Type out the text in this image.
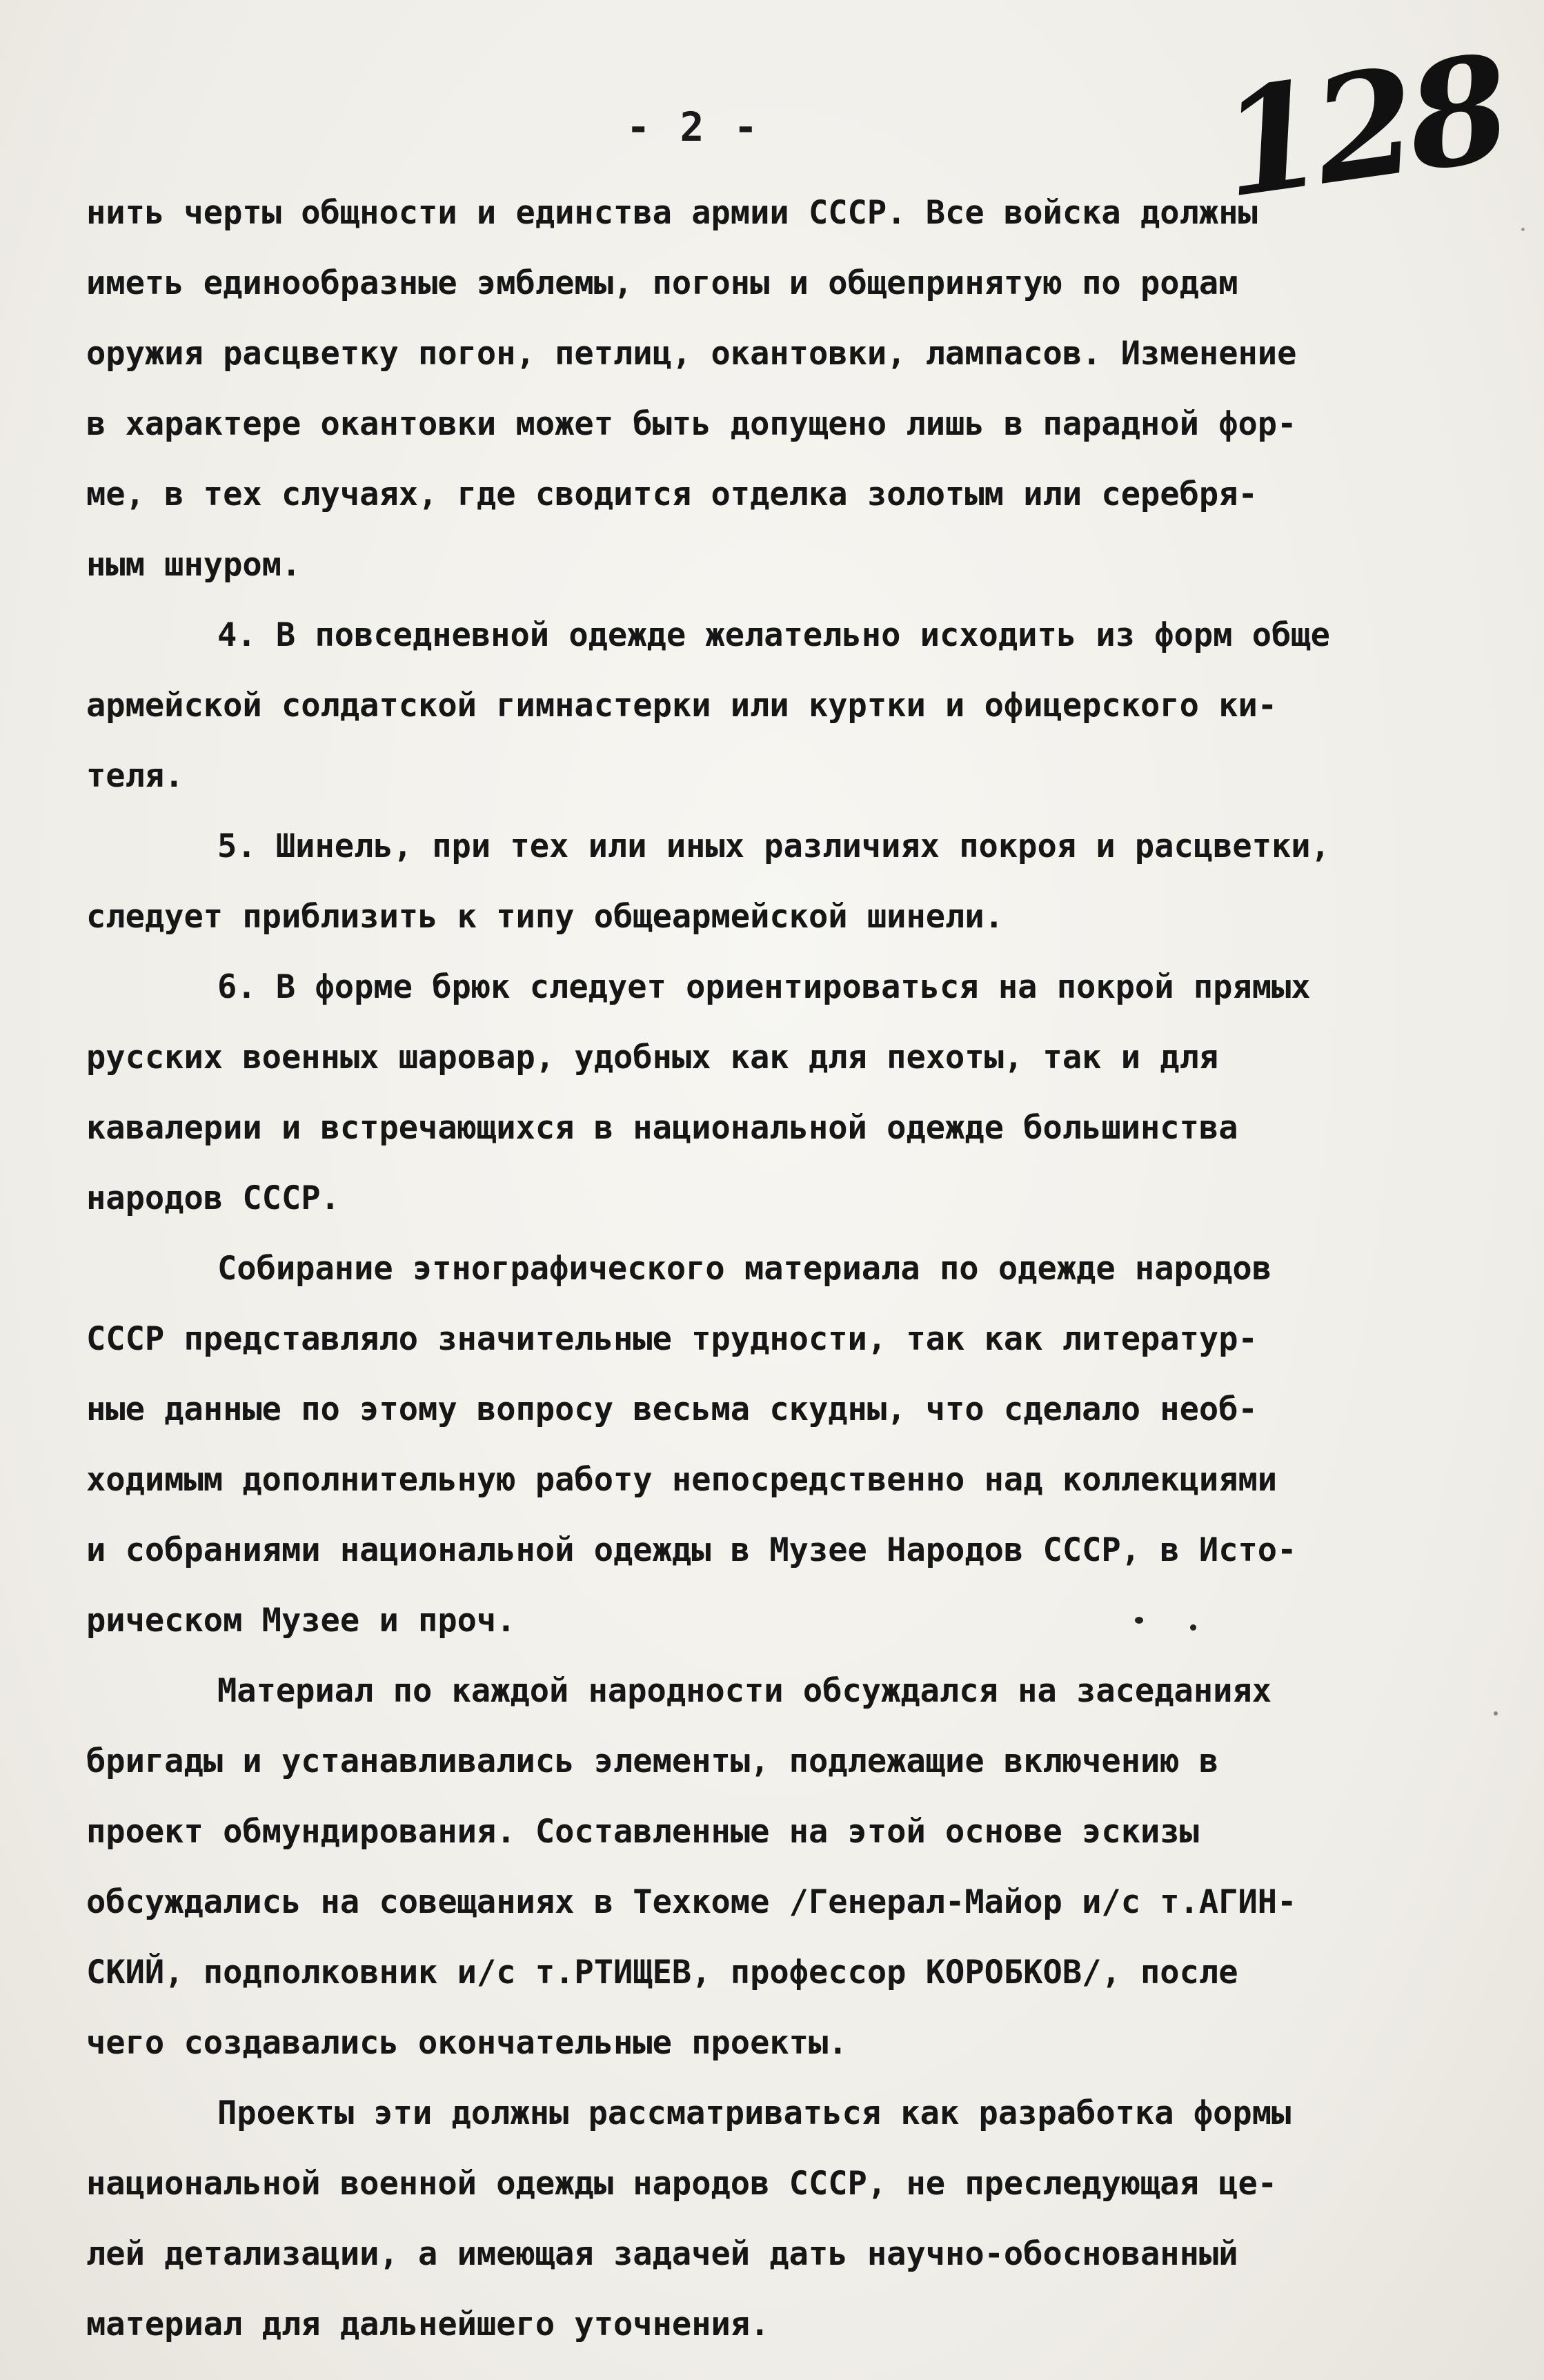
- 2 -	128
нить черты общности и единства армии СССР. Все войска должны
иметь единообразные эмблемы, погоны и общепринятую по родам
оружия расцветку погон, петлиц, окантовки, лампасов. Изменение
в характере окантовки может быть допущено лишь в парадной фор-
ме, в тех случаях, где сводится отделка золотым или серебря-
ным шнуром.
4. В повседневной одежде желательно исходить из форм обще
армейской солдатской гимнастерки или куртки и офицерского ки-
теля.
5. Шинель, при тех или иных различиях покроя и расцветки,
следует приблизить к типу общеармейской шинели.
6. В форме брюк следует ориентироваться на покрой прямых
русских военных шаровар, удобных как для пехоты, так и для
кавалерии и встречающихся в национальной одежде большинства
народов СССР.
Собирание этнографического материала по одежде народов
СССР представляло значительные трудности, так как литератур-
ные данные по этому вопросу весьма скудны, что сделало необ-
ходимым дополнительную работу непосредственно над коллекциями
и собраниями национальной одежды в Музее Народов СССР, в Исто-
рическом Музее и проч.
Материал по каждой народности обсуждался на заседаниях
бригады и устанавливались элементы, подлежащие включению в
проект обмундирования. Составленные на этой основе эскизы
обсуждались на совещаниях в Техкоме /Генерал-Майор и/с т.АГИН-
СКИЙ, подполковник и/с т.РТИЩЕВ, профессор КОРОБКОВ/, после
чего создавались окончательные проекты.
Проекты эти должны рассматриваться как разработка формы
национальной военной одежды народов СССР, не преследующая це-
лей детализации, а имеющая задачей дать научно-обоснованный
материал для дальнейшего уточнения.
